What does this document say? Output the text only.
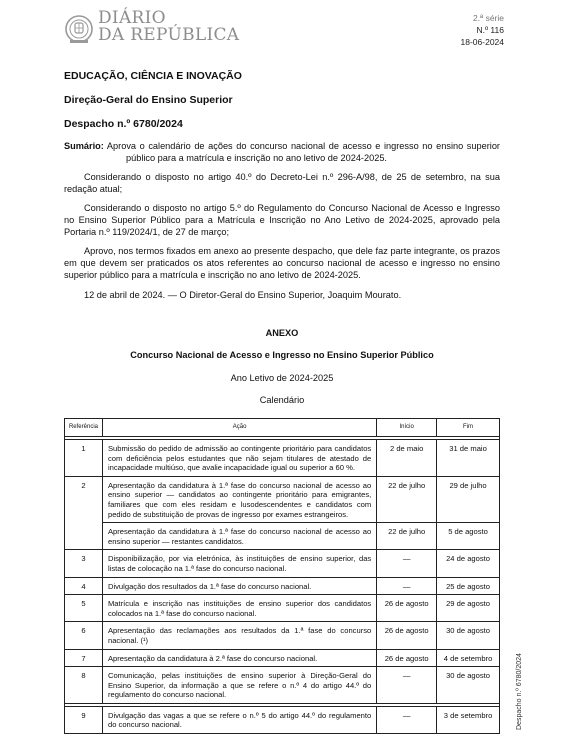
DIÁRIO
DA REPÚBLICA
2.ª série
N.º 116
18-06-2024
EDUCAÇÃO, CIÊNCIA E INOVAÇÃO
Direção-Geral do Ensino Superior
Despacho n.º 6780/2024
Sumário: Aprova o calendário de ações do concurso nacional de acesso e ingresso no ensino superior público para a matrícula e inscrição no ano letivo de 2024-2025.
Considerando o disposto no artigo 40.º do Decreto-Lei n.º 296-A/98, de 25 de setembro, na sua redação atual;
Considerando o disposto no artigo 5.º do Regulamento do Concurso Nacional de Acesso e Ingresso no Ensino Superior Público para a Matrícula e Inscrição no Ano Letivo de 2024-2025, aprovado pela Portaria n.º 119/2024/1, de 27 de março;
Aprovo, nos termos fixados em anexo ao presente despacho, que dele faz parte integrante, os prazos em que devem ser praticados os atos referentes ao concurso nacional de acesso e ingresso no ensino superior público para a matrícula e inscrição no ano letivo de 2024-2025.
12 de abril de 2024. — O Diretor-Geral do Ensino Superior, Joaquim Mourato.
ANEXO
Concurso Nacional de Acesso e Ingresso no Ensino Superior Público
Ano Letivo de 2024-2025
Calendário
Referência	Ação	Início	Fim

1	Submissão do pedido de admissão ao contingente prioritário para candidatos com deficiência pelos estudantes que não sejam titulares de atestado de incapacidade multiúso, que avalie incapacidade igual ou superior a 60 %.	2 de maio	31 de maio
2	Apresentação da candidatura à 1.ª fase do concurso nacional de acesso ao ensino superior — candidatos ao contingente prioritário para emigrantes, familiares que com eles residam e lusodescendentes e candidatos com pedido de substituição de provas de ingresso por exames estrangeiros.	22 de julho	29 de julho
	Apresentação da candidatura à 1.ª fase do concurso nacional de acesso ao ensino superior — restantes candidatos.	22 de julho	5 de agosto
3	Disponibilização, por via eletrónica, às instituições de ensino superior, das listas de colocação na 1.ª fase do concurso nacional.	—	24 de agosto
4	Divulgação dos resultados da 1.ª fase do concurso nacional.	—	25 de agosto
5	Matrícula e inscrição nas instituições de ensino superior dos candidatos colocados na 1.ª fase do concurso nacional.	26 de agosto	29 de agosto
6	Apresentação das reclamações aos resultados da 1.ª fase do concurso nacional. (¹)	26 de agosto	30 de agosto
7	Apresentação da candidatura à 2.ª fase do concurso nacional.	26 de agosto	4 de setembro
8	Comunicação, pelas instituições de ensino superior à Direção-Geral do Ensino Superior, da informação a que se refere o n.º 4 do artigo 44.º do regulamento do concurso nacional.	—	30 de agosto

9	Divulgação das vagas a que se refere o n.º 5 do artigo 44.º do regulamento do concurso nacional.	—	3 de setembro	Despacho n.º 6780/2024
